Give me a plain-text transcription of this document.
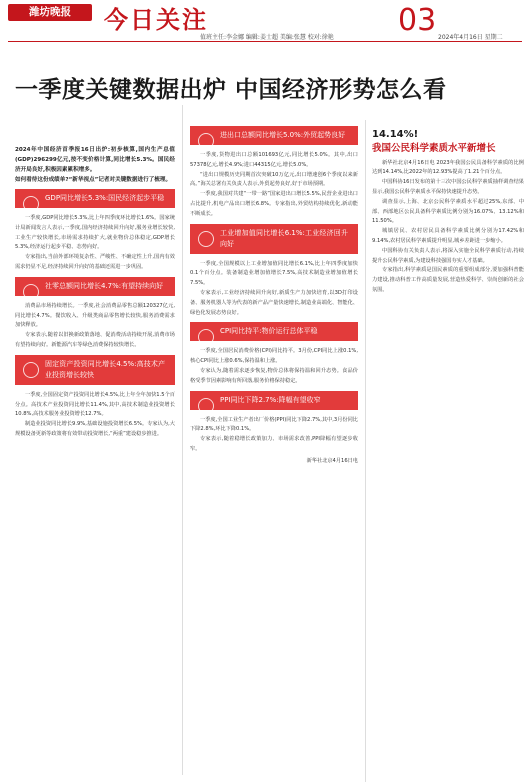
潍坊晚报	今日关注	03
值班主任:李金娜 编辑:姜士超 美编:张慧 校对:徐艳	2024年4月16日 星期二
一季度关键数据出炉 中国经济形势怎么看

2024年中国经济首季报16日出炉:初步核算,国内生产总值(GDP)296299亿元,按不变价格计算,同比增长5.3%。国民经济开局良好,积极因素累积增多。

如何看待这份成绩单?“新华视点”记者对关键数据进行了梳理。

GDP同比增长5.3%:国民经济起步平稳

一季度,GDP同比增长5.3%,比上年四季度环比增长1.6%。国家统计局新闻发言人表示,一季度,国内经济持续回升向好,服务业增长较快,工业生产较快增长,市场需求持续扩大,就业物价总体稳定,GDP增长5.3%,经济运行起步平稳、态势向好。

专家指出,当前外部环境复杂性、严峻性、不确定性上升,国内有效需求仍显不足,经济持续回升向好的基础还需进一步巩固。

社零总额同比增长4.7%:有望持续向好

消费品市场持续增长。一季度,社会消费品零售总额120327亿元,同比增长4.7%。餐饮收入、升级类商品零售增长较快,服务消费需求加快释放。

专家表示,随着以旧换新政策落地、促消费活动持续开展,消费市场有望持续向好。新能源汽车等绿色消费保持较快增长。

固定资产投资同比增长4.5%:高技术产业投资增长较快

一季度,全国固定资产投资同比增长4.5%,比上年全年加快1.5个百分点。高技术产业投资同比增长11.4%,其中,高技术制造业投资增长10.8%,高技术服务业投资增长12.7%。

制造业投资同比增长9.9%,基础设施投资增长6.5%。专家认为,大规模设备更新等政策将有效带动投资增长,“两重”建设稳步推进。

进出口总额同比增长5.0%:外贸起势良好

一季度,货物进出口总额101693亿元,同比增长5.0%。其中,出口57378亿元,增长4.9%;进口44315亿元,增长5.0%。

“进出口规模历史同期首次突破10万亿元,出口增速创6个季度以来新高。”海关总署有关负责人表示,外贸起势良好,好于市场预期。

一季度,我国对共建“一带一路”国家进出口增长5.5%,民营企业进出口占比提升,机电产品出口增长6.8%。专家指出,外贸结构持续优化,新动能不断成长。

工业增加值同比增长6.1%:工业经济回升向好

一季度,全国规模以上工业增加值同比增长6.1%,比上年四季度加快0.1个百分点。装备制造业增加值增长7.5%,高技术制造业增加值增长7.5%。

专家表示,工业经济持续回升向好,新质生产力加快培育,以3D打印设备、服务机器人等为代表的新产品产量快速增长,制造业高端化、智能化、绿色化发展态势良好。

CPI同比持平:物价运行总体平稳

一季度,全国居民消费价格(CPI)同比持平。3月份,CPI同比上涨0.1%,核心CPI同比上涨0.6%,保持温和上涨。

专家认为,随着需求逐步恢复,物价总体将保持温和回升态势。食品价格受季节因素影响有所回落,服务价格保持稳定。

PPI同比下降2.7%:降幅有望收窄

一季度,全国工业生产者出厂价格(PPI)同比下降2.7%,其中,3月份同比下降2.8%,环比下降0.1%。

专家表示,随着稳增长政策加力、市场需求改善,PPI降幅有望逐步收窄。

新华社北京4月16日电

14.14%!
我国公民科学素质水平新增长

新华社北京4月16日电 2023年我国公民具备科学素质的比例达到14.14%,比2022年的12.93%提高了1.21个百分点。

中国科协16日发布的第十三次中国公民科学素质抽样调查结果显示,我国公民科学素质水平保持快速提升态势。

调查显示,上海、北京公民科学素质水平超过25%,东部、中部、西部地区公民具备科学素质比例分别为16.07%、13.12%和11.50%。

城镇居民、农村居民具备科学素质比例分别为17.42%和9.14%,农村居民科学素质提升明显,城乡差距进一步缩小。

中国科协有关负责人表示,将深入实施全民科学素质行动,持续提升公民科学素质,为建设科技强国夯实人才基础。

专家指出,科学素质是国民素质的重要组成部分,要加强科普能力建设,推动科普工作高质量发展,营造热爱科学、崇尚创新的社会氛围。
